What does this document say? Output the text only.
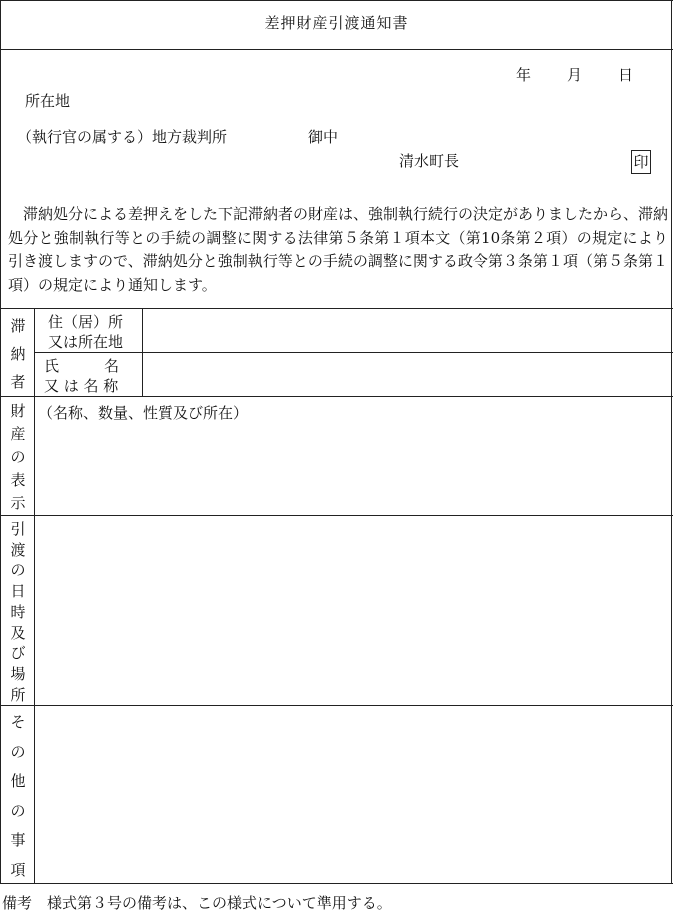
差押財産引渡通知書
年 月 日
所在地
（執行官の属する）地方裁判所	御中
清水町長	印
　滞納処分による差押えをした下記滞納者の財産は、強制執行続行の決定がありましたから、滞納処分と強制執行等との手続の調整に関する法律第５条第１項本文（第10条第２項）の規定により引き渡しますので、滞納処分と強制執行等との手続の調整に関する政令第３条第１項（第５条第１項）の規定により通知します。
滞
納
者
住（居）所
又は所在地
氏　　　名
又 は 名 称
財
産
の
表
示
（名称、数量、性質及び所在）
引
渡
の
日
時
及
び
場
所
そ
の
他
の
事
項
備考　様式第３号の備考は、この様式について準用する。
